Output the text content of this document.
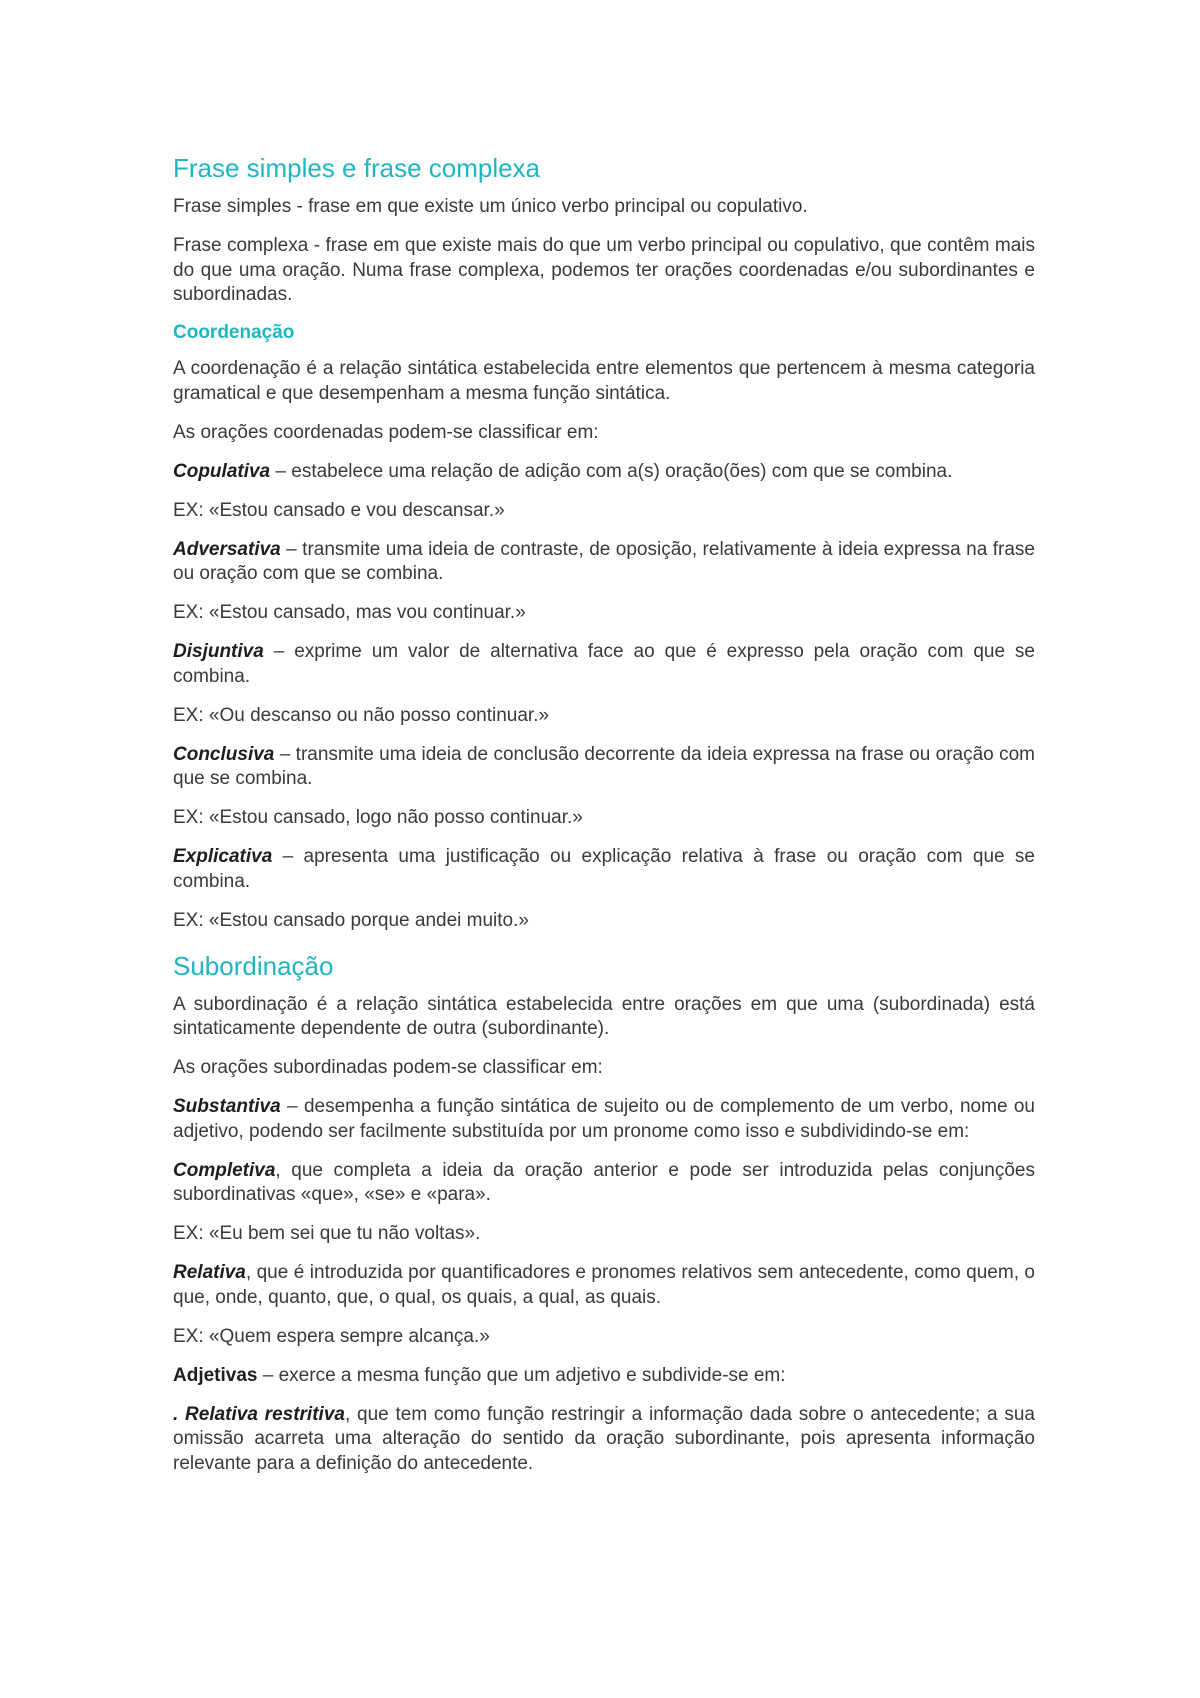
Frase simples e frase complexa

Frase simples - frase em que existe um único verbo principal ou copulativo.

Frase complexa - frase em que existe mais do que um verbo principal ou copulativo, que contêm mais do que uma oração. Numa frase complexa, podemos ter orações coordenadas e/ou subordinantes e subordinadas.

Coordenação

A coordenação é a relação sintática estabelecida entre elementos que pertencem à mesma categoria gramatical e que desempenham a mesma função sintática.

As orações coordenadas podem-se classificar em:

Copulativa – estabelece uma relação de adição com a(s) oração(ões) com que se combina.

EX: «Estou cansado e vou descansar.»

Adversativa – transmite uma ideia de contraste, de oposição, relativamente à ideia expressa na frase ou oração com que se combina.

EX: «Estou cansado, mas vou continuar.»

Disjuntiva – exprime um valor de alternativa face ao que é expresso pela oração com que se combina.

EX: «Ou descanso ou não posso continuar.»

Conclusiva – transmite uma ideia de conclusão decorrente da ideia expressa na frase ou oração com que se combina.

EX: «Estou cansado, logo não posso continuar.»

Explicativa – apresenta uma justificação ou explicação relativa à frase ou oração com que se combina.

EX: «Estou cansado porque andei muito.»

Subordinação

A subordinação é a relação sintática estabelecida entre orações em que uma (subordinada) está sintaticamente dependente de outra (subordinante).

As orações subordinadas podem-se classificar em:

Substantiva – desempenha a função sintática de sujeito ou de complemento de um verbo, nome ou adjetivo, podendo ser facilmente substituída por um pronome como isso e subdividindo-se em:

Completiva, que completa a ideia da oração anterior e pode ser introduzida pelas conjunções subordinativas «que», «se» e «para».

EX: «Eu bem sei que tu não voltas».

Relativa, que é introduzida por quantificadores e pronomes relativos sem antecedente, como quem, o que, onde, quanto, que, o qual, os quais, a qual, as quais.

EX: «Quem espera sempre alcança.»

Adjetivas – exerce a mesma função que um adjetivo e subdivide-se em:

. Relativa restritiva, que tem como função restringir a informação dada sobre o antecedente; a sua omissão acarreta uma alteração do sentido da oração subordinante, pois apresenta informação relevante para a definição do antecedente.
